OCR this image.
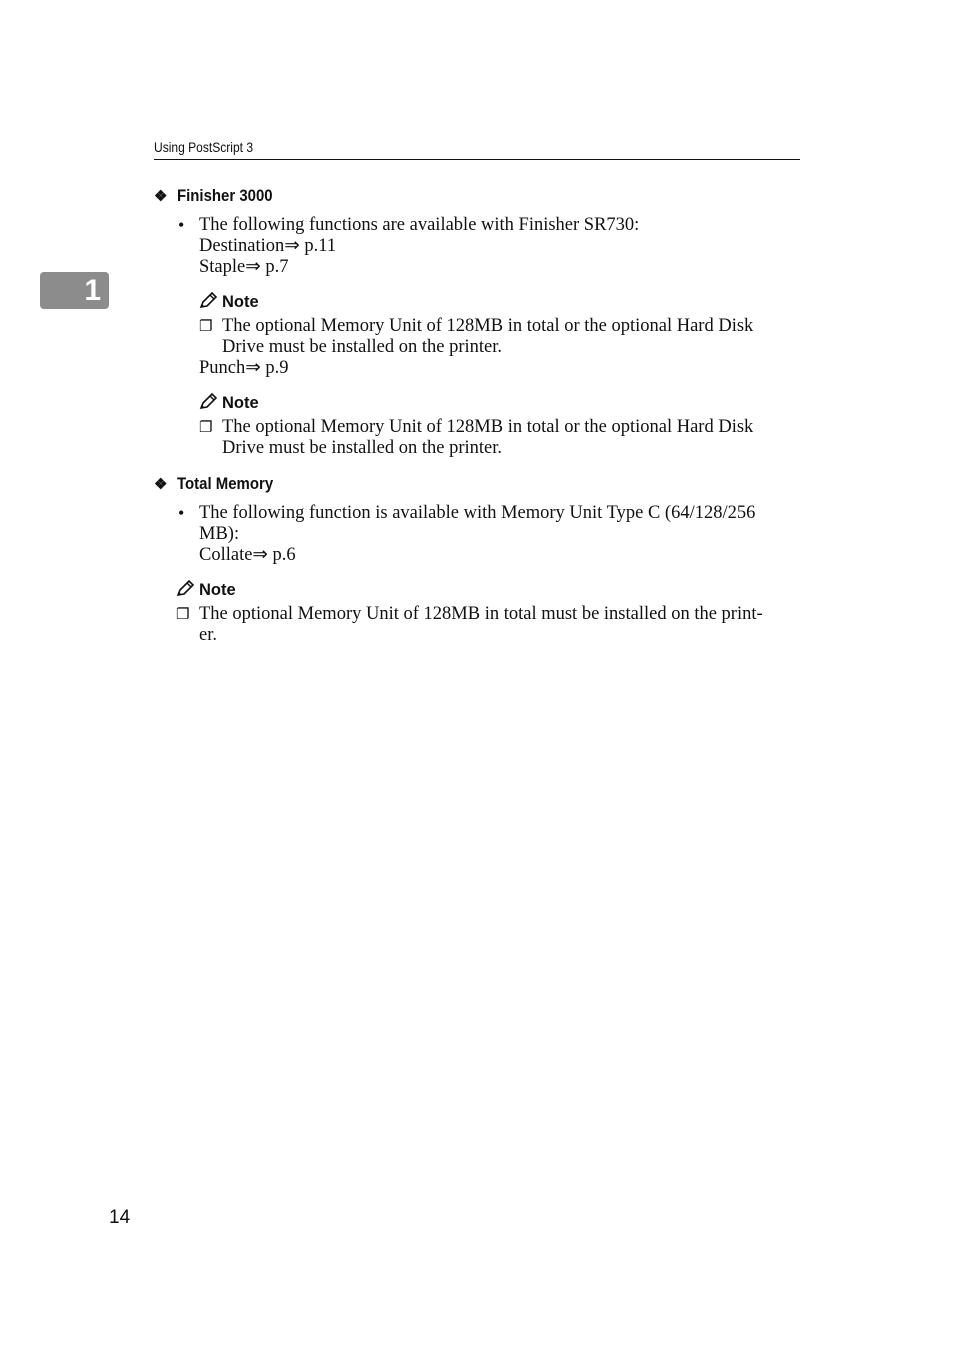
Using PostScript 3
1
❖ Finisher 3000
• The following functions are available with Finisher SR730:
Destination⇒ p.11
Staple⇒ p.7
Note
❐ The optional Memory Unit of 128MB in total or the optional Hard Disk
Drive must be installed on the printer.
Punch⇒ p.9
Note
❐ The optional Memory Unit of 128MB in total or the optional Hard Disk
Drive must be installed on the printer.
❖ Total Memory
• The following function is available with Memory Unit Type C (64/128/256
MB):
Collate⇒ p.6
Note
❐ The optional Memory Unit of 128MB in total must be installed on the print-
er.
14
